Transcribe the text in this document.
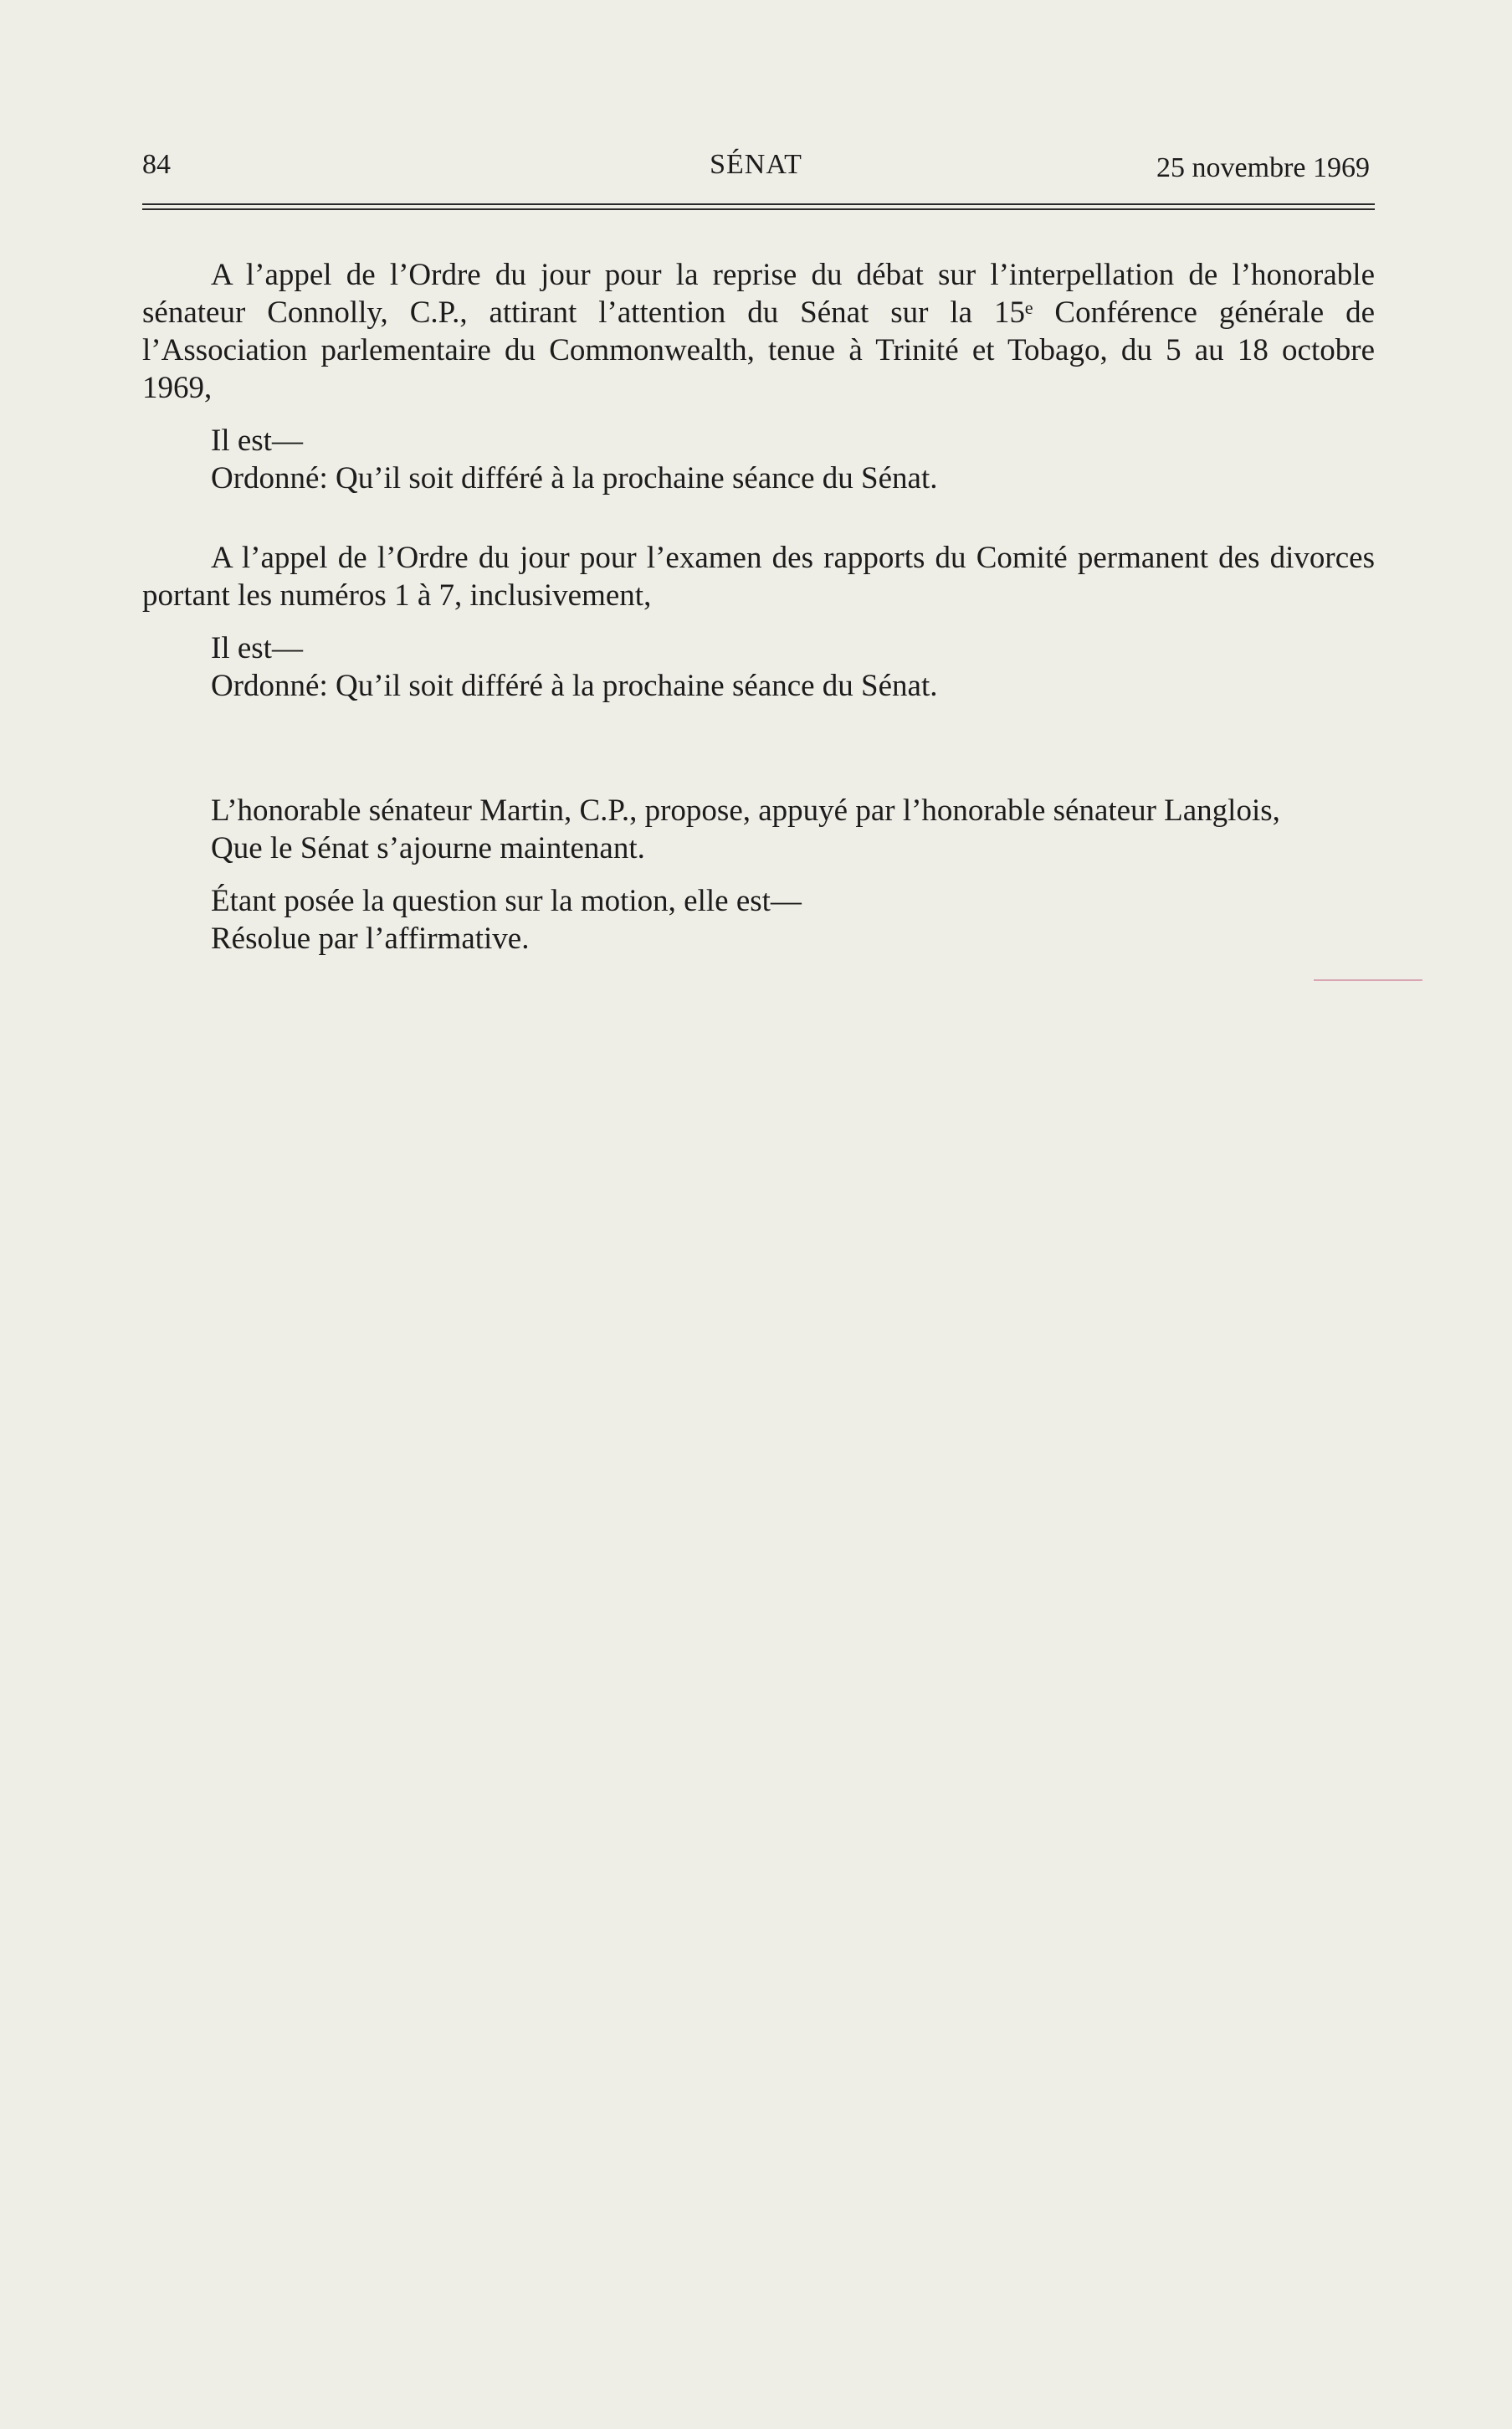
84	SÉNAT	25 novembre 1969

A l’appel de l’Ordre du jour pour la reprise du débat sur l’interpellation de l’honorable sénateur Connolly, C.P., attirant l’attention du Sénat sur la 15ᵉ Conférence générale de l’Association parlementaire du Commonwealth, tenue à Trinité et Tobago, du 5 au 18 octobre 1969,

Il est—

Ordonné: Qu’il soit différé à la prochaine séance du Sénat.

A l’appel de l’Ordre du jour pour l’examen des rapports du Comité permanent des divorces portant les numéros 1 à 7, inclusivement,

Il est—

Ordonné: Qu’il soit différé à la prochaine séance du Sénat.

L’honorable sénateur Martin, C.P., propose, appuyé par l’honorable sénateur Langlois,

Que le Sénat s’ajourne maintenant.

Étant posée la question sur la motion, elle est—

Résolue par l’affirmative.
